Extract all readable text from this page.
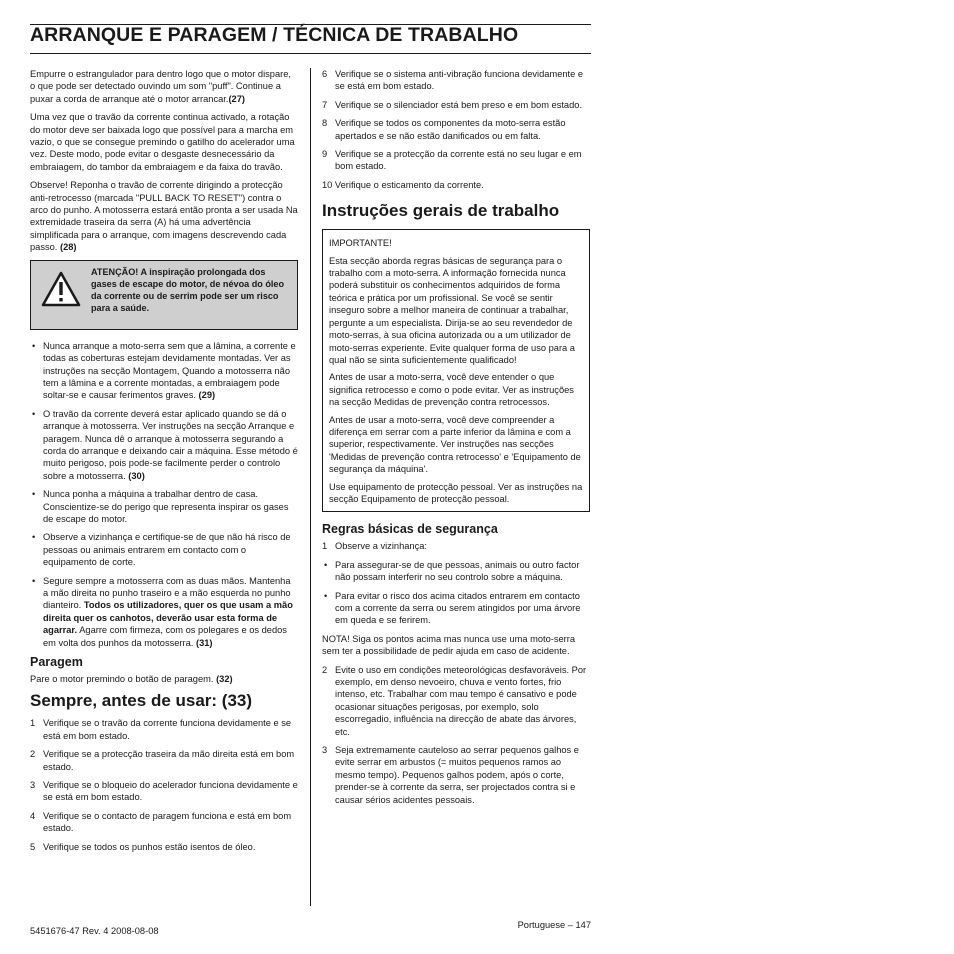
ARRANQUE E PARAGEM / TÉCNICA DE TRABALHO

Empurre o estrangulador para dentro logo que o motor dispare, o que pode ser detectado ouvindo um som "puff". Continue a puxar a corda de arranque até o motor arrancar.(27)

Uma vez que o travão da corrente continua activado, a rotação do motor deve ser baixada logo que possível para a marcha em vazio, o que se consegue premindo o gatilho do acelerador uma vez. Deste modo, pode evitar o desgaste desnecessário da embraiagem, do tambor da embraiagem e da faixa do travão.

Observe! Reponha o travão de corrente dirigindo a protecção anti-retrocesso (marcada "PULL BACK TO RESET") contra o arco do punho. A motosserra estará então pronta a ser usada Na extremidade traseira da serra (A) há uma advertência simplificada para o arranque, com imagens descrevendo cada passo. (28)

ATENÇÃO! A inspiração prolongada dos gases de escape do motor, de névoa do óleo da corrente ou de serrim pode ser um risco para a saúde.
• Nunca arranque a moto-serra sem que a lâmina, a corrente e todas as coberturas estejam devidamente montadas. Ver as instruções na secção Montagem, Quando a motosserra não tem a lâmina e a corrente montadas, a embraiagem pode soltar-se e causar ferimentos graves. (29)
• O travão da corrente deverá estar aplicado quando se dá o arranque à motosserra. Ver instruções na secção Arranque e paragem. Nunca dê o arranque à motosserra segurando a corda do arranque e deixando cair a máquina. Esse método é muito perigoso, pois pode-se facilmente perder o controlo sobre a motosserra. (30)
• Nunca ponha a máquina a trabalhar dentro de casa. Conscientize-se do perigo que representa inspirar os gases de escape do motor.
• Observe a vizinhança e certifique-se de que não há risco de pessoas ou animais entrarem em contacto com o equipamento de corte.
• Segure sempre a motosserra com as duas mãos. Mantenha a mão direita no punho traseiro e a mão esquerda no punho dianteiro. Todos os utilizadores, quer os que usam a mão direita quer os canhotos, deverão usar esta forma de agarrar. Agarre com firmeza, com os polegares e os dedos em volta dos punhos da motosserra. (31)
Paragem

Pare o motor premindo o botão de paragem. (32)

Sempre, antes de usar: (33)
1 Verifique se o travão da corrente funciona devidamente e se está em bom estado.
2 Verifique se a protecção traseira da mão direita está em bom estado.
3 Verifique se o bloqueio do acelerador funciona devidamente e se está em bom estado.
4 Verifique se o contacto de paragem funciona e está em bom estado.
5 Verifique se todos os punhos estão isentos de óleo.
6 Verifique se o sistema anti-vibração funciona devidamente e se está em bom estado.
7 Verifique se o silenciador está bem preso e em bom estado.
8 Verifique se todos os componentes da moto-serra estão apertados e se não estão danificados ou em falta.
9 Verifique se a protecção da corrente está no seu lugar e em bom estado.

10 Verifique o esticamento da corrente.

Instruções gerais de trabalho

IMPORTANTE!

Esta secção aborda regras básicas de segurança para o trabalho com a moto-serra. A informação fornecida nunca poderá substituir os conhecimentos adquiridos de forma teórica e prática por um profissional. Se você se sentir inseguro sobre a melhor maneira de continuar a trabalhar, pergunte a um especialista. Dirija-se ao seu revendedor de moto-serras, à sua oficina autorizada ou a um utilizador de moto-serras experiente. Evite qualquer forma de uso para a qual não se sinta suficientemente qualificado!

Antes de usar a moto-serra, você deve entender o que significa retrocesso e como o pode evitar. Ver as instruções na secção Medidas de prevenção contra retrocessos.

Antes de usar a moto-serra, você deve compreender a diferença em serrar com a parte inferior da lâmina e com a superior, respectivamente. Ver instruções nas secções 'Medidas de prevenção contra retrocesso' e 'Equipamento de segurança da máquina'.

Use equipamento de protecção pessoal. Ver as instruções na secção Equipamento de protecção pessoal.

Regras básicas de segurança
1 Observe a vizinhança:
• Para assegurar-se de que pessoas, animais ou outro factor não possam interferir no seu controlo sobre a máquina.
• Para evitar o risco dos acima citados entrarem em contacto com a corrente da serra ou serem atingidos por uma árvore em queda e se ferirem.

NOTA! Siga os pontos acima mas nunca use uma moto-serra sem ter a possibilidade de pedir ajuda em caso de acidente.

2 Evite o uso em condições meteorológicas desfavoráveis. Por exemplo, em denso nevoeiro, chuva e vento fortes, frio intenso, etc. Trabalhar com mau tempo é cansativo e pode ocasionar situações perigosas, por exemplo, solo escorregadio, influência na direcção de abate das árvores, etc.
3 Seja extremamente cauteloso ao serrar pequenos galhos e evite serrar em arbustos (= muitos pequenos ramos ao mesmo tempo). Pequenos galhos podem, após o corte, prender-se à corrente da serra, ser projectados contra si e causar sérios acidentes pessoais.
5451676-47 Rev. 4 2008-08-08
Portuguese – 147
